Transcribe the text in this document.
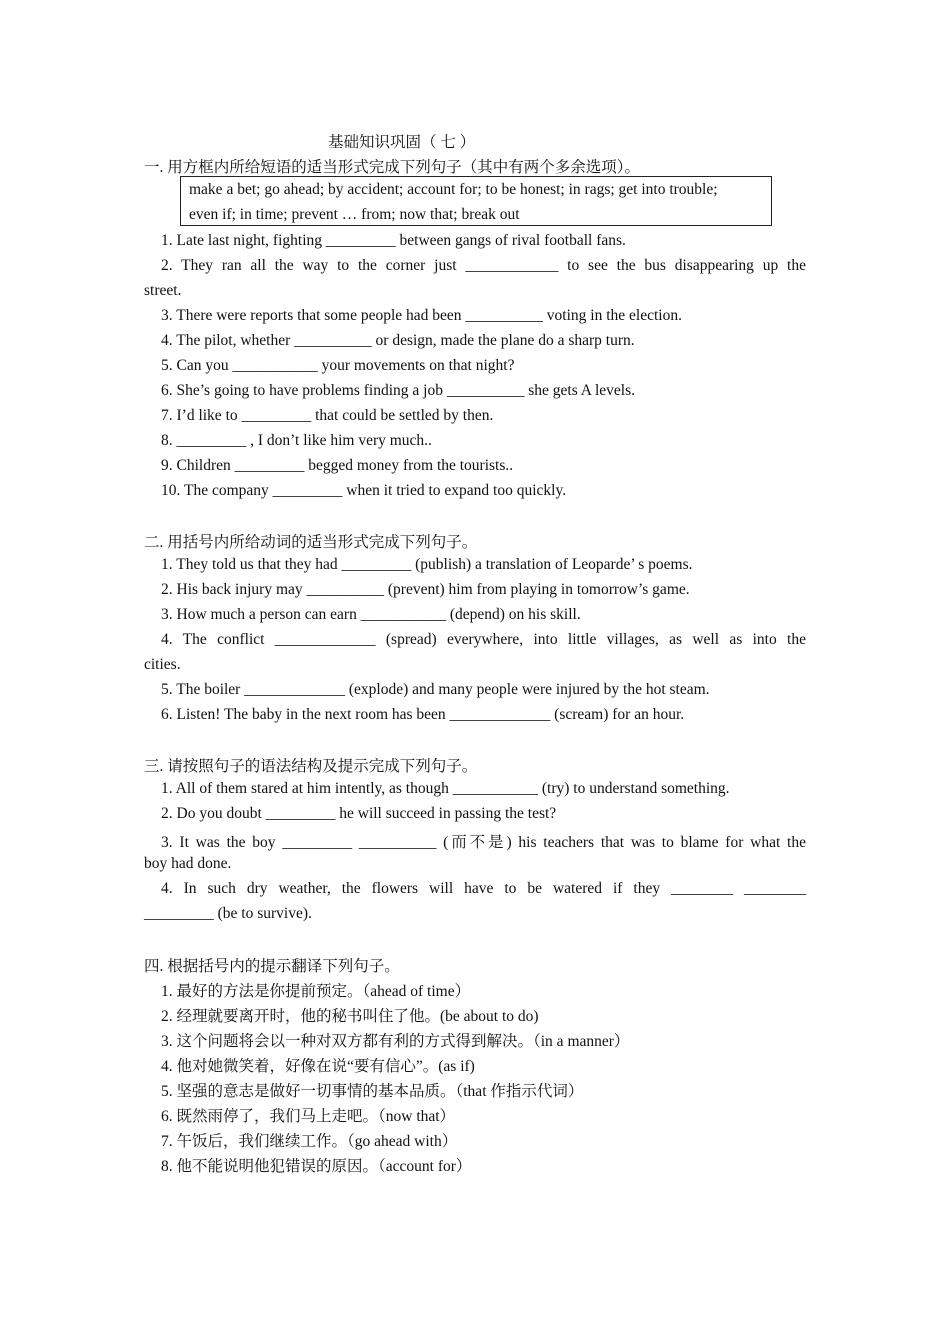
基础知识巩固（ 七 ）
一. 用方框内所给短语的适当形式完成下列句子（其中有两个多余选项）。
make a bet; go ahead; by accident; account for; to be honest; in rags; get into trouble;
even if; in time; prevent … from; now that; break out
1. Late last night, fighting _________ between gangs of rival football fans.
2. They ran all the way to the corner just ____________ to see the bus disappearing up the
street.
3. There were reports that some people had been __________ voting in the election.
4. The pilot, whether __________ or design, made the plane do a sharp turn.
5. Can you ___________ your movements on that night?
6. She’s going to have problems finding a job __________ she gets A levels.
7. I’d like to _________ that could be settled by then.
8. _________ , I don’t like him very much..
9. Children _________ begged money from the tourists..
10. The company _________ when it tried to expand too quickly.
二. 用括号内所给动词的适当形式完成下列句子。
1. They told us that they had _________ (publish) a translation of Leoparde’ s poems.
2. His back injury may __________ (prevent) him from playing in tomorrow’s game.
3. How much a person can earn ___________ (depend) on his skill.
4. The conflict _____________ (spread) everywhere, into little villages, as well as into the
cities.
5. The boiler _____________ (explode) and many people were injured by the hot steam.
6. Listen! The baby in the next room has been _____________ (scream) for an hour.
三. 请按照句子的语法结构及提示完成下列句子。
1. All of them stared at him intently, as though ___________ (try) to understand something.
2. Do you doubt _________ he will succeed in passing the test?
3. It was the boy _________ __________ (而不是) his teachers that was to blame for what the
boy had done.
4. In such dry weather, the flowers will have to be watered if they ________ ________
_________ (be to survive).
四. 根据括号内的提示翻译下列句子。
1. 最好的方法是你提前预定。（ahead of time）
2. 经理就要离开时，他的秘书叫住了他。(be about to do)
3. 这个问题将会以一种对双方都有利的方式得到解决。（in a manner）
4. 他对她微笑着，好像在说“要有信心”。(as if)
5. 坚强的意志是做好一切事情的基本品质。（that 作指示代词）
6. 既然雨停了，我们马上走吧。（now that）
7. 午饭后，我们继续工作。（go ahead with）
8. 他不能说明他犯错误的原因。（account for）
